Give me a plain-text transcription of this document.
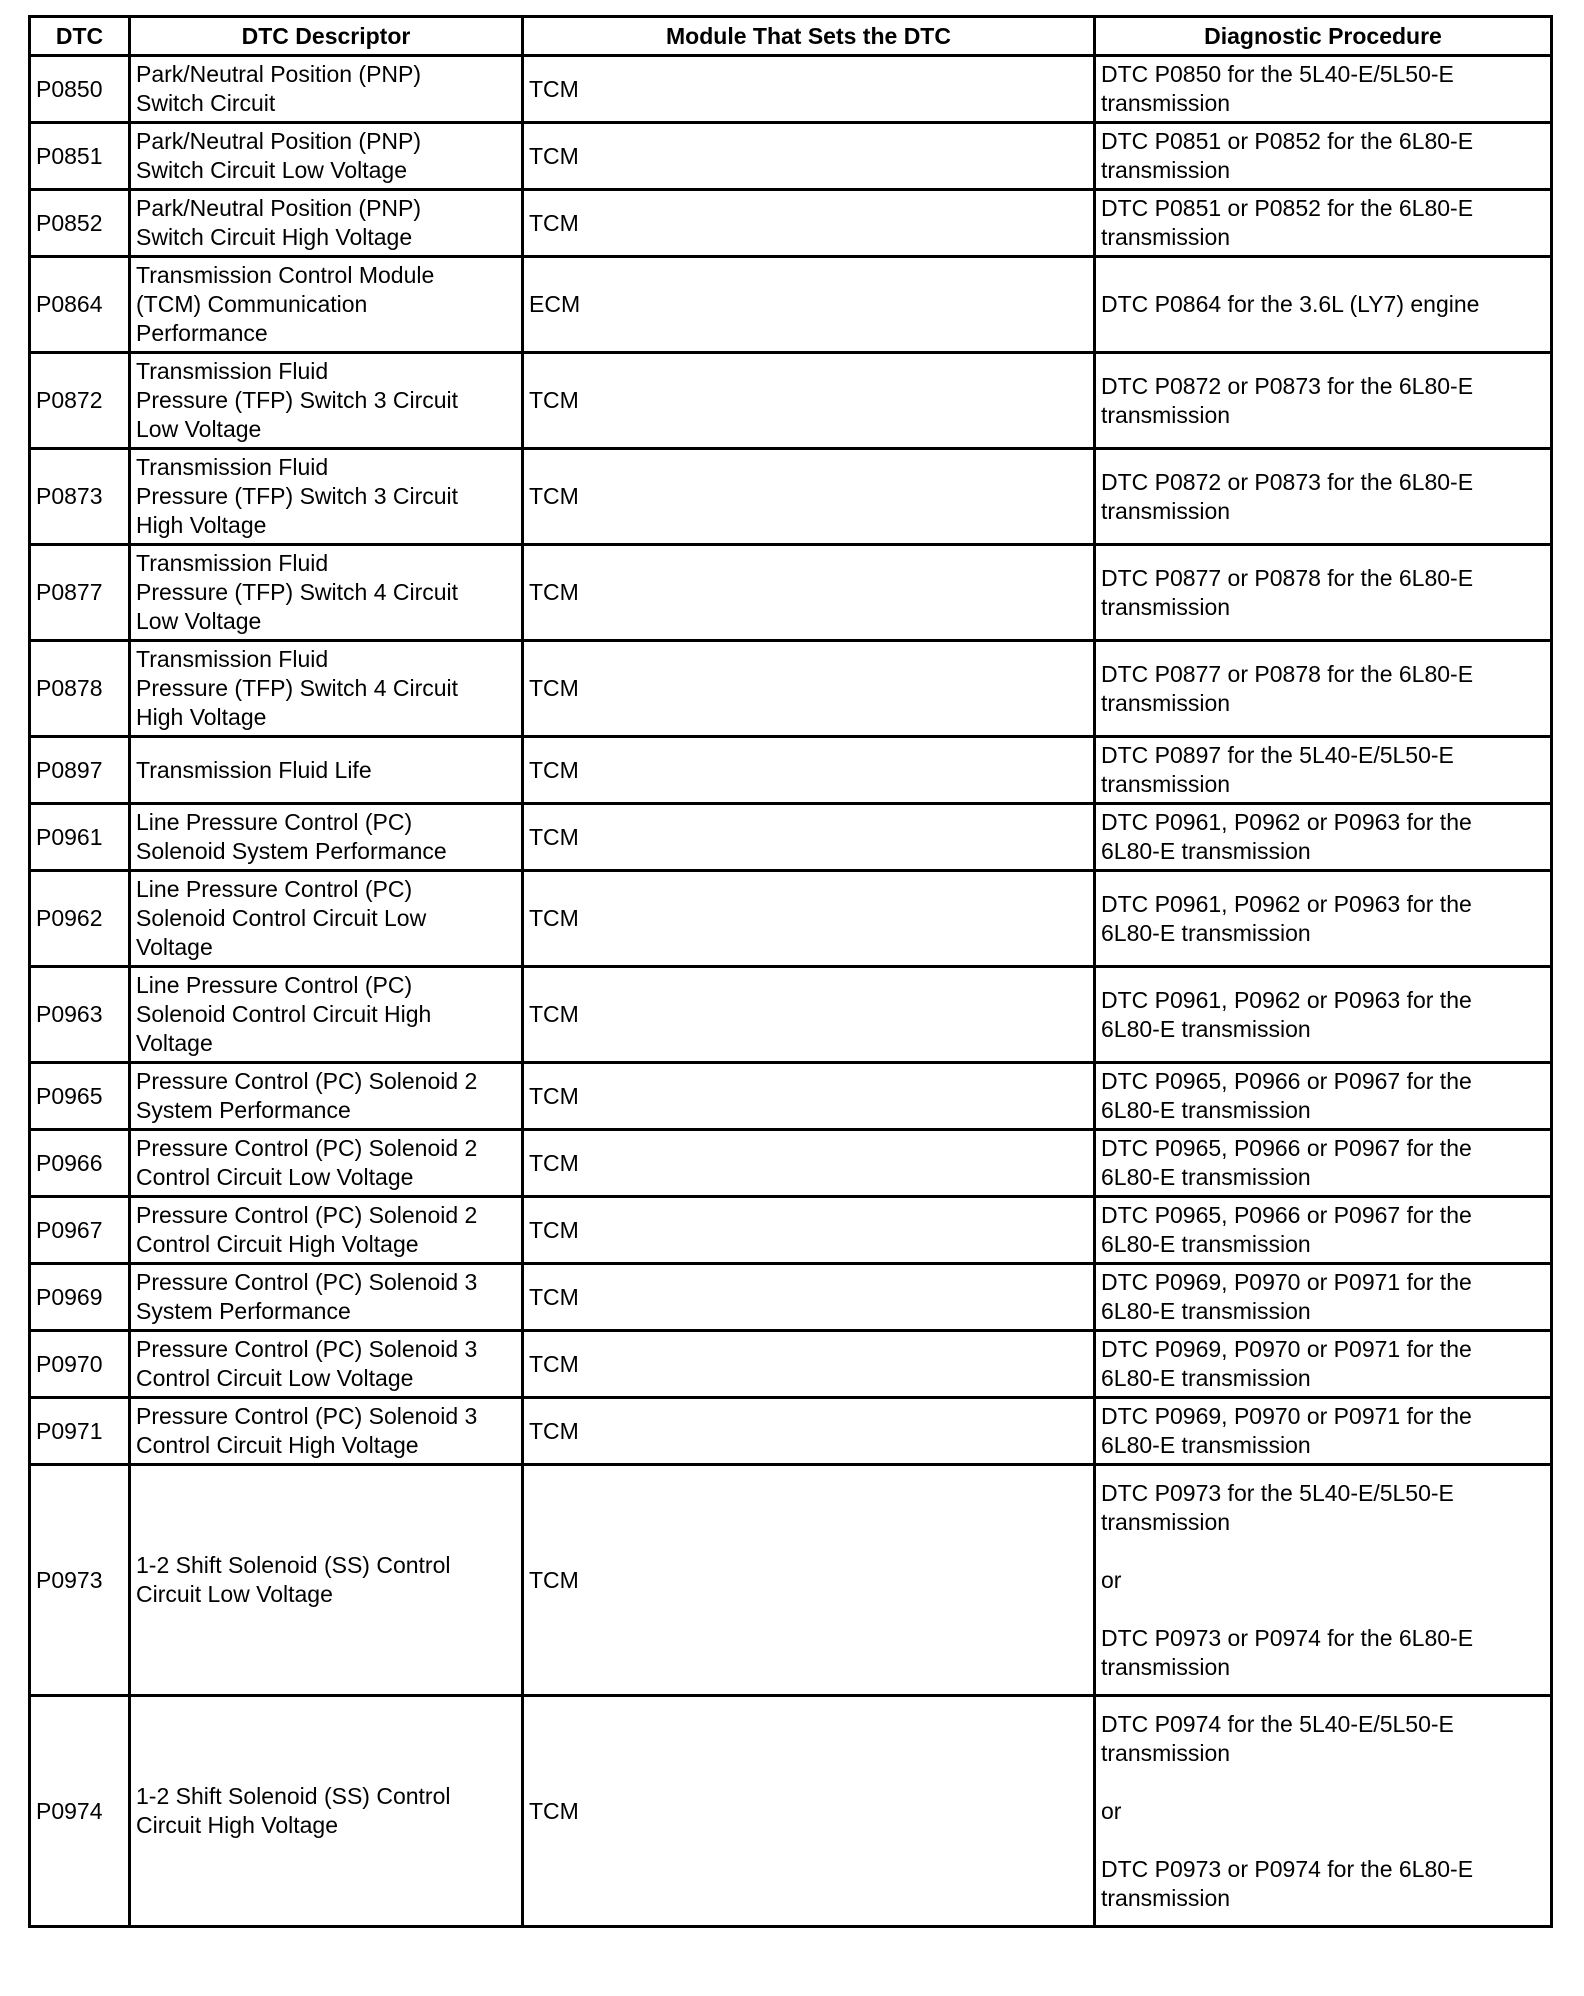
DTC	DTC Descriptor	Module That Sets the DTC	Diagnostic Procedure
P0850	Park/Neutral Position (PNP)
Switch Circuit	TCM	DTC P0850 for the 5L40-E/5L50-E
transmission

P0851	Park/Neutral Position (PNP)
Switch Circuit Low Voltage	TCM	DTC P0851 or P0852 for the 6L80-E
transmission

P0852	Park/Neutral Position (PNP)
Switch Circuit High Voltage	TCM	DTC P0851 or P0852 for the 6L80-E
transmission

P0864	Transmission Control Module
(TCM) Communication
Performance	ECM	DTC P0864 for the 3.6L (LY7) engine

P0872	Transmission Fluid
Pressure (TFP) Switch 3 Circuit
Low Voltage	TCM	DTC P0872 or P0873 for the 6L80-E
transmission

P0873	Transmission Fluid
Pressure (TFP) Switch 3 Circuit
High Voltage	TCM	DTC P0872 or P0873 for the 6L80-E
transmission

P0877	Transmission Fluid
Pressure (TFP) Switch 4 Circuit
Low Voltage	TCM	DTC P0877 or P0878 for the 6L80-E
transmission

P0878	Transmission Fluid
Pressure (TFP) Switch 4 Circuit
High Voltage	TCM	DTC P0877 or P0878 for the 6L80-E
transmission

P0897	Transmission Fluid Life	TCM	DTC P0897 for the 5L40-E/5L50-E
transmission

P0961	Line Pressure Control (PC)
Solenoid System Performance	TCM	DTC P0961, P0962 or P0963 for the
6L80-E transmission

P0962	Line Pressure Control (PC)
Solenoid Control Circuit Low
Voltage	TCM	DTC P0961, P0962 or P0963 for the
6L80-E transmission

P0963	Line Pressure Control (PC)
Solenoid Control Circuit High
Voltage	TCM	DTC P0961, P0962 or P0963 for the
6L80-E transmission

P0965	Pressure Control (PC) Solenoid 2
System Performance	TCM	DTC P0965, P0966 or P0967 for the
6L80-E transmission

P0966	Pressure Control (PC) Solenoid 2
Control Circuit Low Voltage	TCM	DTC P0965, P0966 or P0967 for the
6L80-E transmission

P0967	Pressure Control (PC) Solenoid 2
Control Circuit High Voltage	TCM	DTC P0965, P0966 or P0967 for the
6L80-E transmission

P0969	Pressure Control (PC) Solenoid 3
System Performance	TCM	DTC P0969, P0970 or P0971 for the
6L80-E transmission

P0970	Pressure Control (PC) Solenoid 3
Control Circuit Low Voltage	TCM	DTC P0969, P0970 or P0971 for the
6L80-E transmission

P0971	Pressure Control (PC) Solenoid 3
Control Circuit High Voltage	TCM	DTC P0969, P0970 or P0971 for the
6L80-E transmission

P0973	1-2 Shift Solenoid (SS) Control
Circuit Low Voltage	TCM	DTC P0973 for the 5L40-E/5L50-E
transmission
or
DTC P0973 or P0974 for the 6L80-E
transmission

P0974	1-2 Shift Solenoid (SS) Control
Circuit High Voltage	TCM	DTC P0974 for the 5L40-E/5L50-E
transmission
or
DTC P0973 or P0974 for the 6L80-E
transmission
